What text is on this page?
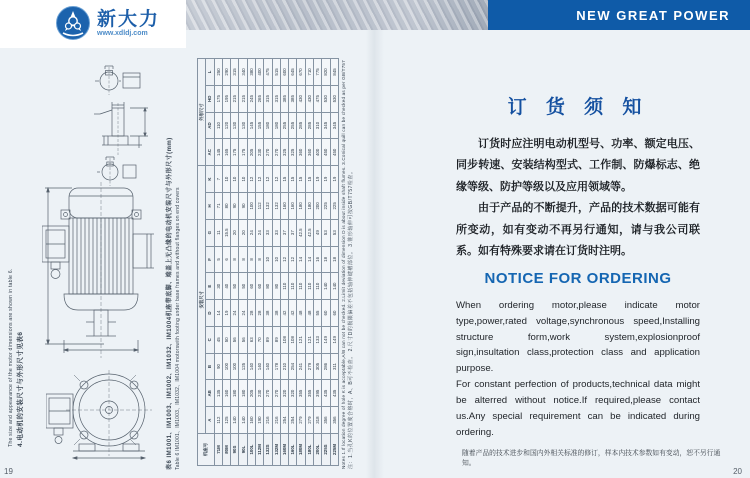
新大力
www.xdldj.com
NEW GREAT POWER
The size and appearance of the motor dimensions are shown in table 6. 4.电动机的安装尺寸与外形尺寸见表6	表6 IM1001、IM1003、IM1002、IM1032、IM1004机座带底脚、端盖上无凸缘的电动机安装尺寸与外形尺寸(mm) Table 6 IM1001、IM1003、IM1032、IM1004 motorswith footing under base frames and without flanges on end covers	机座号	安装尺寸										外形尺寸			
	A	AB	B	C	D	E	F	G	H	K	AC	AD	HD	L
71M	112	135	90	45	14	30	5	11	71	7	145	110	175	250
80M	125	160	100	50	19	40	6	15.5	80	10	165	120	195	290
90S	140	180	100	56	24	50	8	20	90	10	175	130	215	315
90L	140	180	125	56	24	50	8	20	90	10	175	130	215	340
100L	160	205	140	63	28	60	8	24	100	12	205	145	245	380
112M	190	230	140	70	28	60	8	24	112	12	230	155	265	400
132S	216	270	140	89	38	80	10	33	132	12	270	180	315	475
132M	216	270	178	89	38	80	10	33	132	12	270	180	315	515
160M	254	320	210	108	42	110	12	37	160	15	325	255	385	600
160L	254	320	254	108	42	110	12	37	160	15	325	255	385	645
180M	279	355	241	121	48	110	14	42.5	180	15	360	285	430	670
180L	279	355	279	121	48	110	14	42.5	180	15	360	285	430	710
200L	318	395	305	133	55	110	16	49	200	19	400	310	475	775
225S	356	435	286	149	60	140	18	53	225	19	450	345	530	820
225M	356	435	311	149	60	140	18	53	225	19	450	345	530	845 Notes 1.If location degree of hole K is acceptable,A/B can not be checked. 2.Limit deviation of dimension D is about inside shaft flumes. 3.Conical quill can be checked as per GB/T757 注：1.当孔K的位置度合格时，A、B可不检查。 2.尺寸D的极限偏差不包括轴伸键槽部位。 3.锥形轴伸可按GB/T757检查。
19
订 货 须 知

订货时应注明电动机型号、功率、额定电压、同步转速、安装结构型式、工作制、防爆标志、绝缘等级、防护等级以及应用领域等。

由于产品的不断提升，产品的技术数据可能有所变动，如有变动不再另行通知，请与我公司联系。如有特殊要求请在订货时注明。

NOTICE FOR ORDERING

When ordering motor,please indicate motor type,power,rated voltage,synchronous speed,Installing structure form,work system,explosionproof sign,insultation class,protection class and application purpose.

For constant perfection of products,technical data might be alterred without notice.If required,please contact us.Any special requirement can be indicated during ordering.

随着产品的技术进步和国内外相关标准的修订，样本内技术参数如有变动，恕不另行通知。
20
